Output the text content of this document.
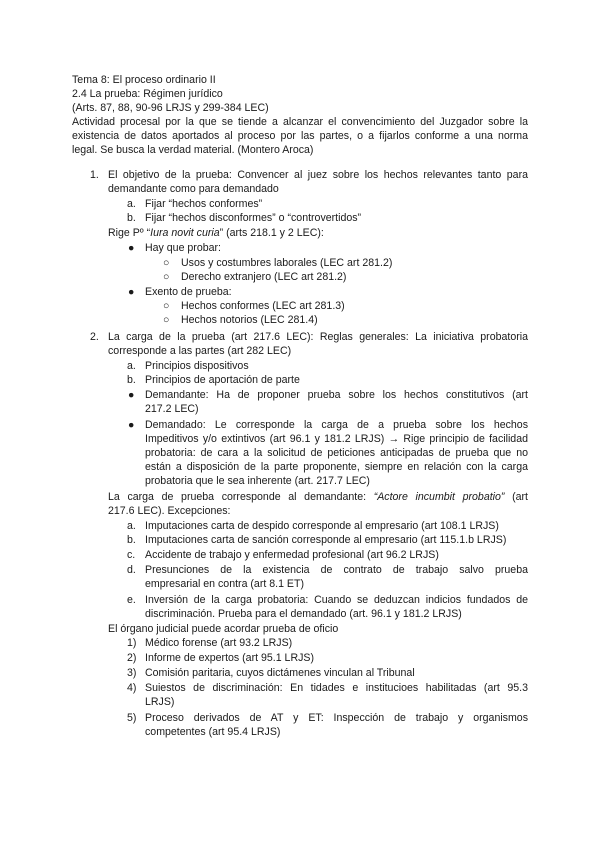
Tema 8: El proceso ordinario II
2.4 La prueba: Régimen jurídico
(Arts. 87, 88, 90-96 LRJS y 299-384 LEC)
Actividad procesal por la que se tiende a alcanzar el convencimiento del Juzgador sobre la
existencia de datos aportados al proceso por las partes, o a fijarlos conforme a una norma
legal. Se busca la verdad material. (Montero Aroca)
1. El objetivo de la prueba: Convencer al juez sobre los hechos relevantes tanto para
demandante como para demandado
a. Fijar “hechos conformes”
b. Fijar “hechos disconformes” o “controvertidos”
Rige Pº “Iura novit curia” (arts 218.1 y 2 LEC):
● Hay que probar:
○ Usos y costumbres laborales (LEC art 281.2)
○ Derecho extranjero (LEC art 281.2)
● Exento de prueba:
○ Hechos conformes (LEC art 281.3)
○ Hechos notorios (LEC 281.4)
2. La carga de la prueba (art 217.6 LEC): Reglas generales: La iniciativa probatoria
corresponde a las partes (art 282 LEC)
a. Principios dispositivos
b. Principios de aportación de parte
● Demandante: Ha de proponer prueba sobre los hechos constitutivos (art
217.2 LEC)
● Demandado: Le corresponde la carga de a prueba sobre los hechos
Impeditivos y/o extintivos (art 96.1 y 181.2 LRJS) → Rige principio de facilidad
probatoria: de cara a la solicitud de peticiones anticipadas de prueba que no
están a disposición de la parte proponente, siempre en relación con la carga
probatoria que le sea inherente (art. 217.7 LEC)
La carga de prueba corresponde al demandante: “Actore incumbit probatio” (art
217.6 LEC). Excepciones:
a. Imputaciones carta de despido corresponde al empresario (art 108.1 LRJS)
b. Imputaciones carta de sanción corresponde al empresario (art 115.1.b LRJS)
c. Accidente de trabajo y enfermedad profesional (art 96.2 LRJS)
d. Presunciones de la existencia de contrato de trabajo salvo prueba
empresarial en contra (art 8.1 ET)
e. Inversión de la carga probatoria: Cuando se deduzcan indicios fundados de
discriminación. Prueba para el demandado (art. 96.1 y 181.2 LRJS)
El órgano judicial puede acordar prueba de oficio
1) Médico forense (art 93.2 LRJS)
2) Informe de expertos (art 95.1 LRJS)
3) Comisión paritaria, cuyos dictámenes vinculan al Tribunal
4) Suiestos de discriminación: En tidades e institucioes habilitadas (art 95.3
LRJS)
5) Proceso derivados de AT y ET: Inspección de trabajo y organismos
competentes (art 95.4 LRJS)
